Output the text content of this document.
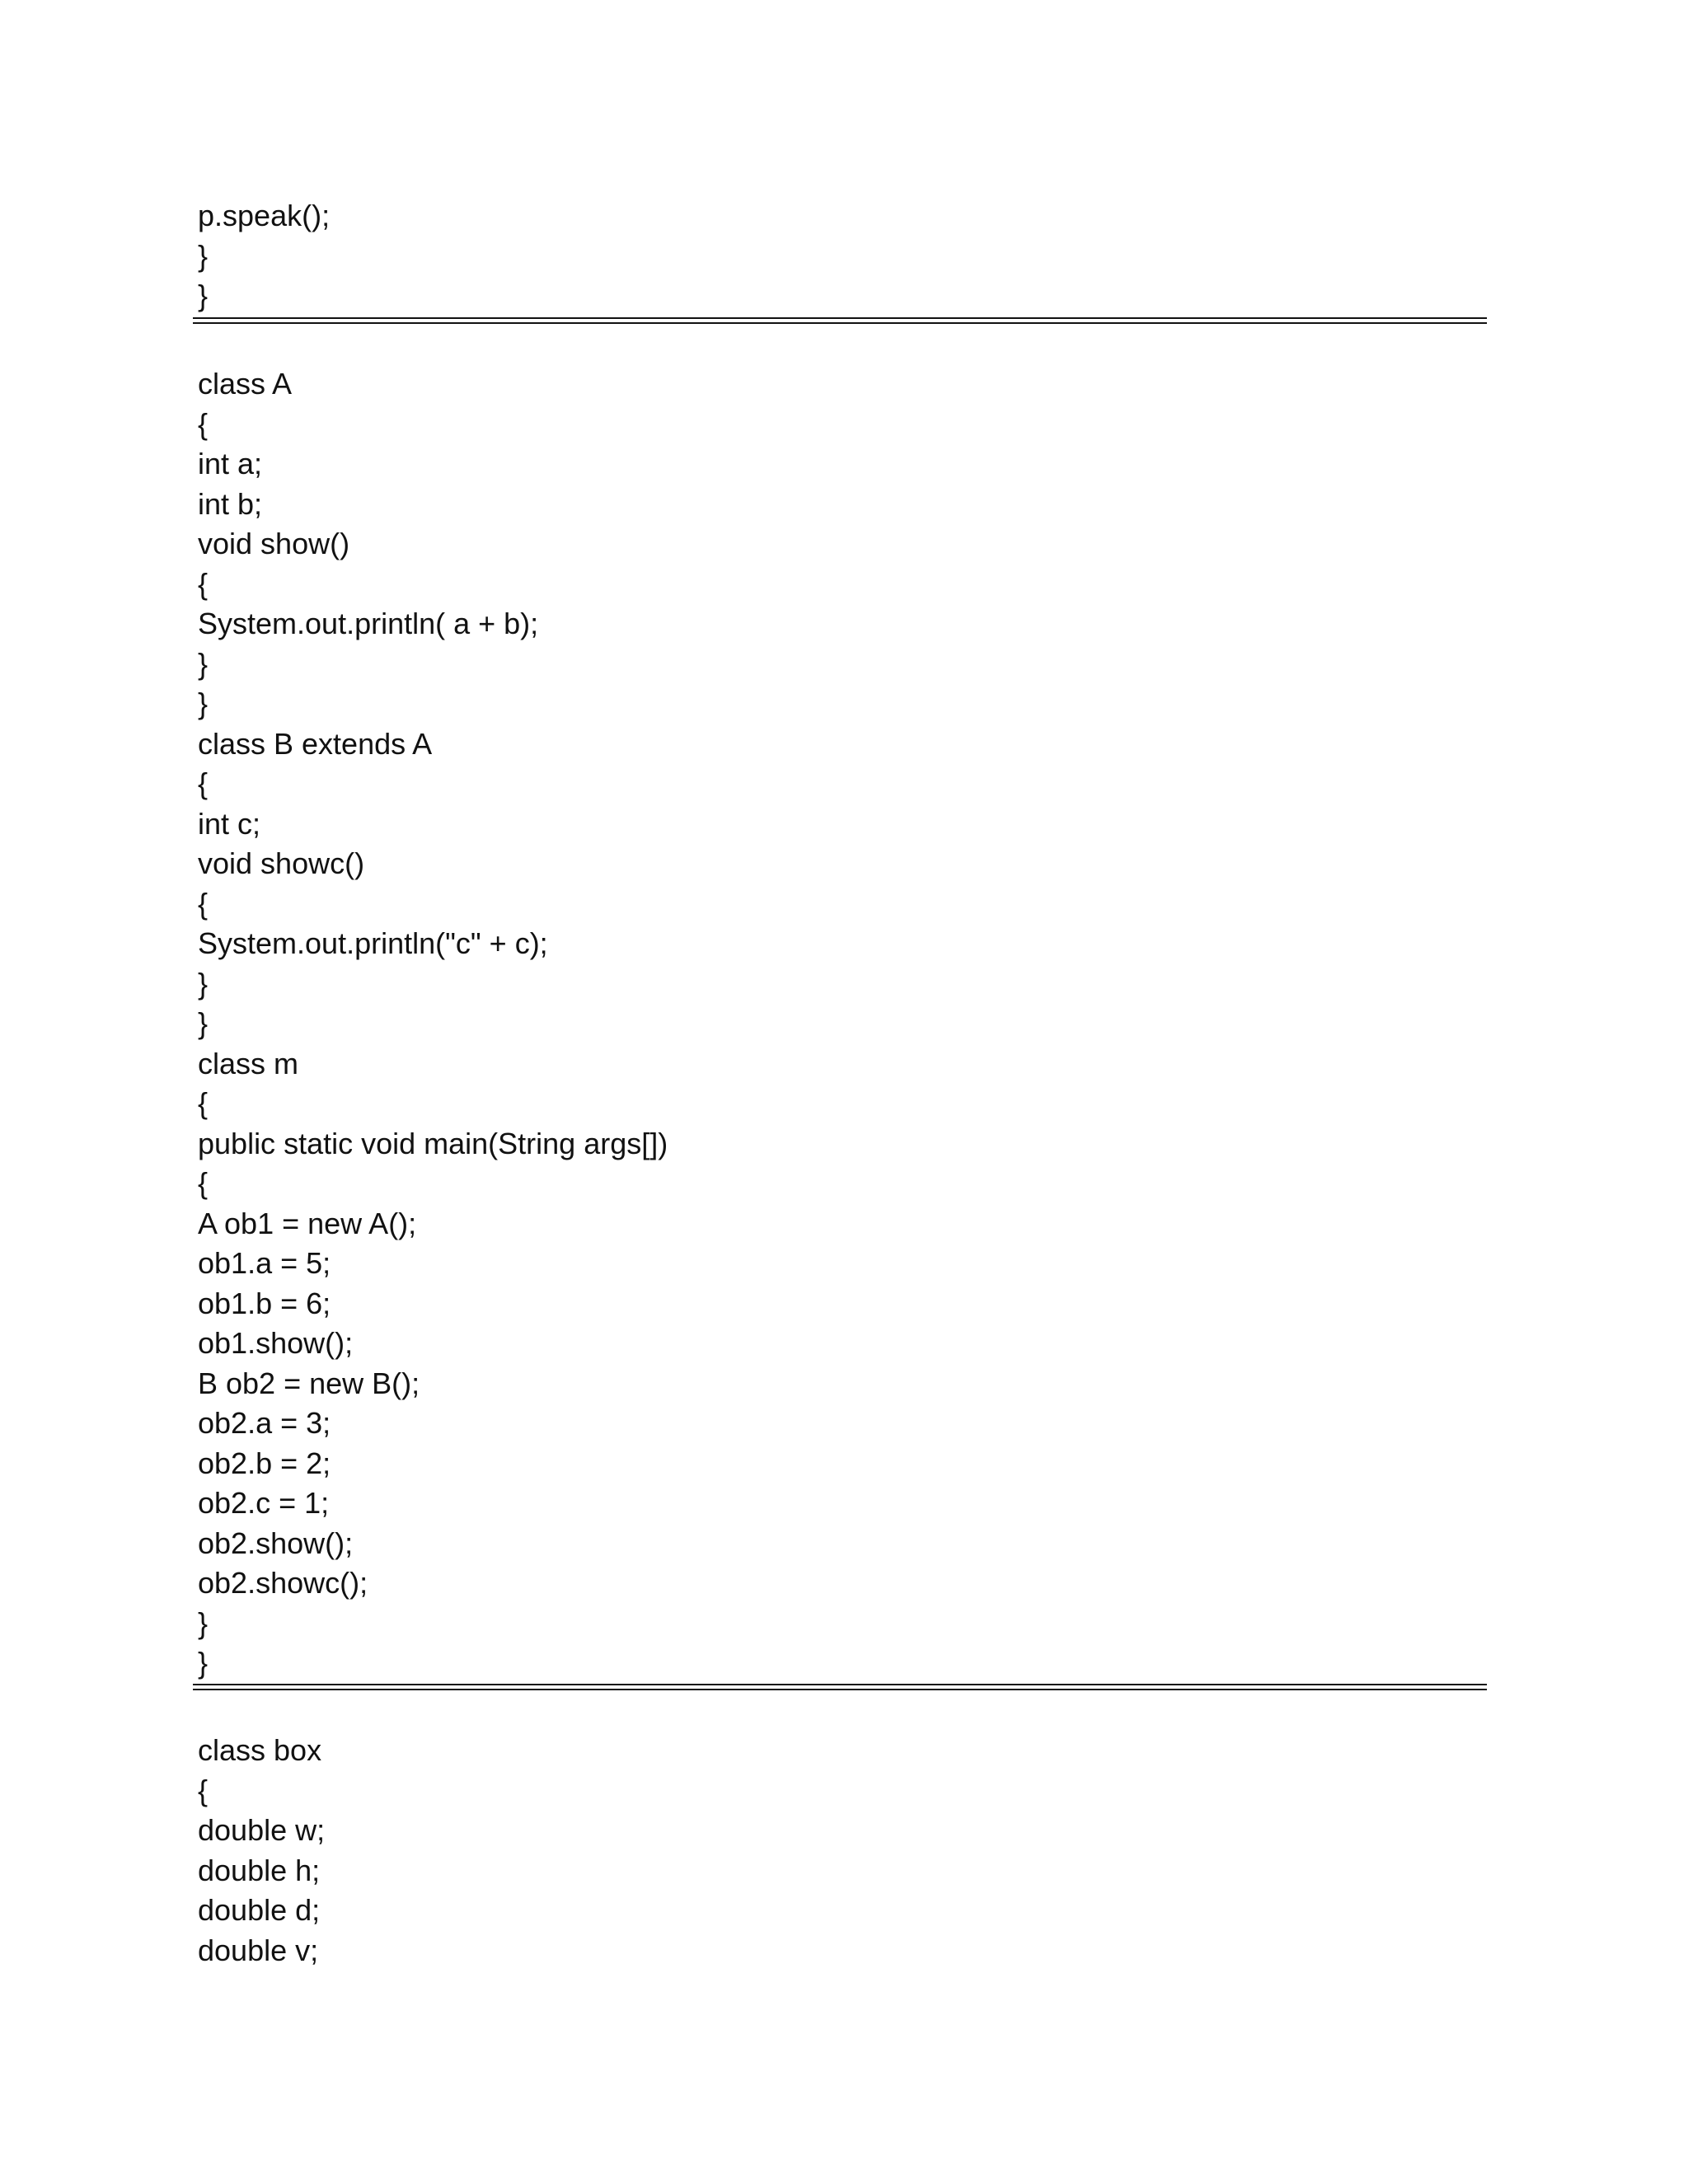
p.speak();
}
}
class A
{
int a;
int b;
void show()
{
System.out.println( a + b);
}
}
class B extends A
{
int c;
void showc()
{
System.out.println("c" + c);
}
}
class m
{
public static void main(String args[])
{
A ob1 = new A();
ob1.a = 5;
ob1.b = 6;
ob1.show();
B ob2 = new B();
ob2.a = 3;
ob2.b = 2;
ob2.c = 1;
ob2.show();
ob2.showc();
}
}
class box
{
double w;
double h;
double d;
double v;
